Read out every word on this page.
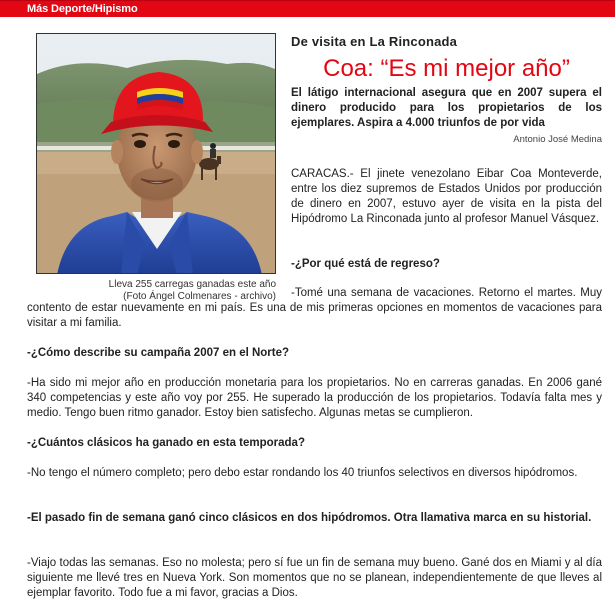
Más Deporte/Hipismo
Lleva 255 carregas ganadas este año
(Foto Ángel Colmenares - archivo)
De visita en La Rinconada
Coa: “Es mi mejor año”
El látigo internacional asegura que en 2007 supera el dinero producido para los propietarios de los ejemplares. Aspira a 4.000 triunfos de por vida
Antonio José Medina

CARACAS.- El jinete venezolano Eibar Coa Monteverde, entre los diez supremos de Estados Unidos por producción de dinero en 2007, estuvo ayer de visita en la pista del Hipódromo La Rinconada junto al profesor Manuel Vásquez.

-¿Por qué está de regreso?

-Tomé una semana de vacaciones. Retorno el martes. Muy contento de estar nuevamente en mi país. Es una de mis primeras opciones en momentos de vacaciones para visitar a mi familia.

-¿Cómo describe su campaña 2007 en el Norte?

-Ha sido mi mejor año en producción monetaria para los propietarios. No en carreras ganadas. En 2006 gané 340 competencias y este año voy por 255. He superado la producción de los propietarios. Todavía falta mes y medio. Tengo buen ritmo ganador. Estoy bien satisfecho. Algunas metas se cumplieron.

-¿Cuántos clásicos ha ganado en esta temporada?

-No tengo el número completo; pero debo estar rondando los 40 triunfos selectivos en diversos hipódromos.

-El pasado fin de semana ganó cinco clásicos en dos hipódromos. Otra llamativa marca en su historial.

-Viajo todas las semanas. Eso no molesta; pero sí fue un fin de semana muy bueno. Gané dos en Miami y al día siguiente me llevé tres en Nueva York. Son momentos que no se planean, independientemente de que lleves al ejemplar favorito. Todo fue a mi favor, gracias a Dios.
